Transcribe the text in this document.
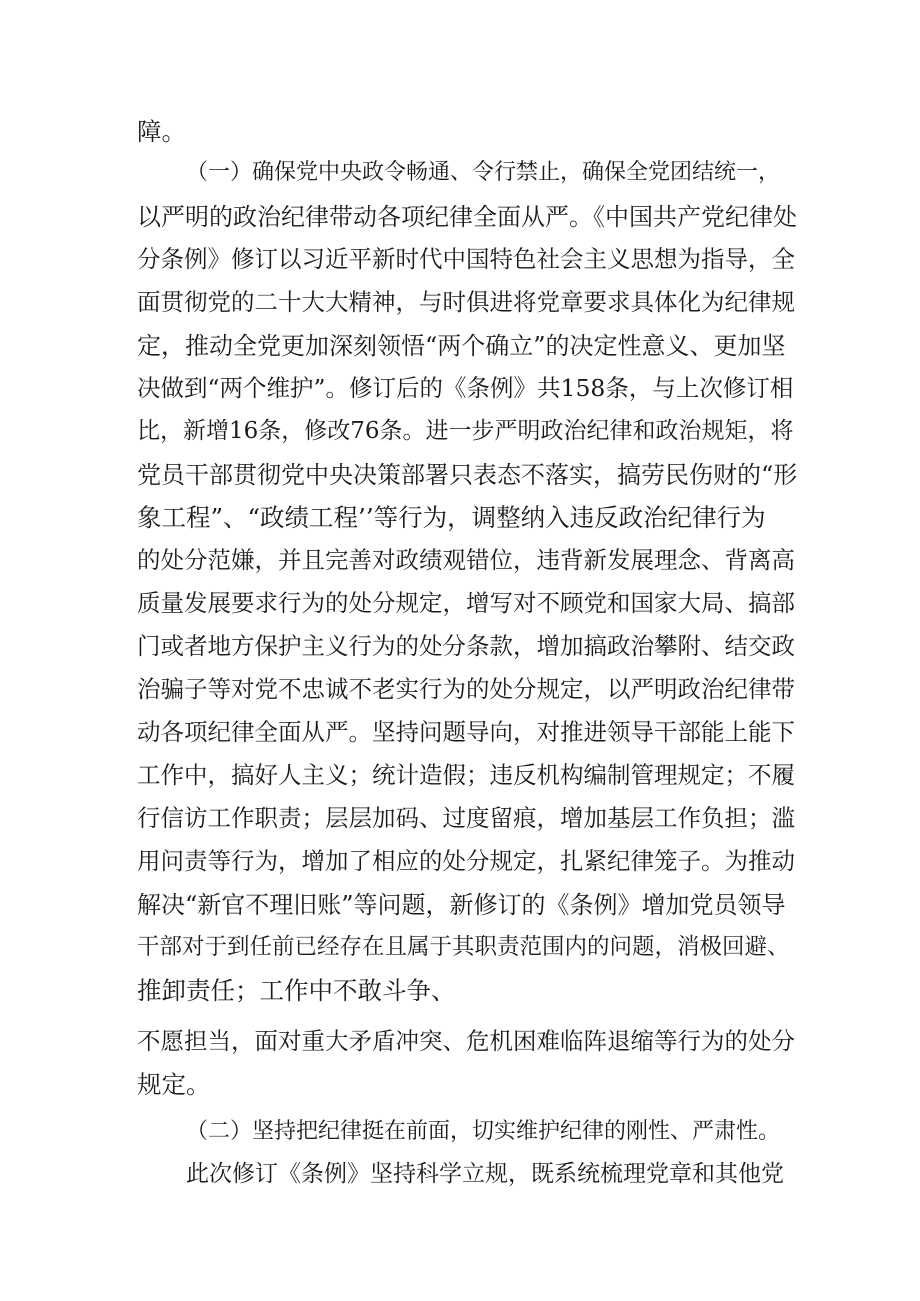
障。
（一）确保党中央政令畅通、令行禁止，确保全党团结统一，
以严明的政治纪律带动各项纪律全面从严。《中国共产党纪律处
分条例》修订以习近平新时代中国特色社会主义思想为指导，全
面贯彻党的二十大大精神，与时俱进将党章要求具体化为纪律规
定，推动全党更加深刻领悟“两个确立”的决定性意义、更加坚
决做到“两个维护”。修订后的《条例》共158条，与上次修订相
比，新增16条，修改76条。进一步严明政治纪律和政治规矩，将
党员干部贯彻党中央决策部署只表态不落实，搞劳民伤财的“形
象工程”、“政绩工程’’等行为，调整纳入违反政治纪律行为
的处分范嫌，并且完善对政绩观错位，违背新发展理念、背离高
质量发展要求行为的处分规定，增写对不顾党和国家大局、搞部
门或者地方保护主义行为的处分条款，增加搞政治攀附、结交政
治骗子等对党不忠诚不老实行为的处分规定，以严明政治纪律带
动各项纪律全面从严。坚持问题导向，对推进领导干部能上能下
工作中，搞好人主义；统计造假；违反机构编制管理规定；不履
行信访工作职责；层层加码、过度留痕，增加基层工作负担；滥
用问责等行为，增加了相应的处分规定，扎紧纪律笼子。为推动
解决“新官不理旧账”等问题，新修订的《条例》增加党员领导
干部对于到任前已经存在且属于其职责范围内的问题，消极回避、
推卸责任；工作中不敢斗争、
不愿担当，面对重大矛盾冲突、危机困难临阵退缩等行为的处分
规定。
（二）坚持把纪律挺在前面，切实维护纪律的刚性、严肃性。
此次修订《条例》坚持科学立规，既系统梳理党章和其他党
